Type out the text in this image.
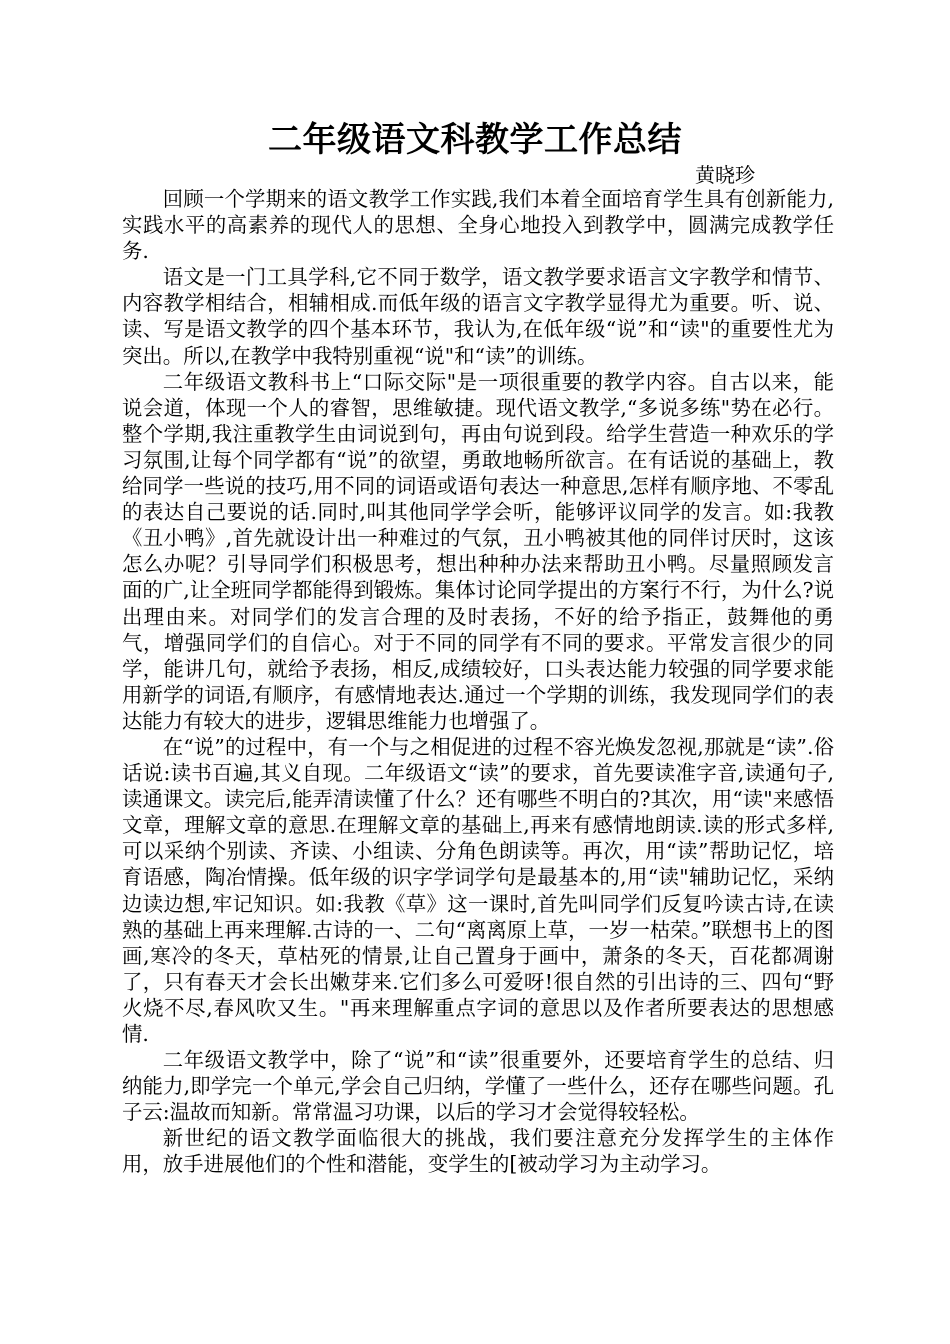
二年级语文科教学工作总结

黄晓珍

回顾一个学期来的语文教学工作实践,我们本着全面培育学生具有创新能力,实践水平的高素养的现代人的思想、全身心地投入到教学中，圆满完成教学任务.

语文是一门工具学科,它不同于数学，语文教学要求语言文字教学和情节、内容教学相结合，相辅相成.而低年级的语言文字教学显得尤为重要。听、说、读、写是语文教学的四个基本环节，我认为,在低年级“说”和“读"的重要性尤为突出。所以,在教学中我特别重视“说"和“读”的训练。

二年级语文教科书上“口际交际"是一项很重要的教学内容。自古以来，能说会道，体现一个人的睿智，思维敏捷。现代语文教学,“多说多练"势在必行。整个学期,我注重教学生由词说到句，再由句说到段。给学生营造一种欢乐的学习氛围,让每个同学都有“说”的欲望，勇敢地畅所欲言。在有话说的基础上，教给同学一些说的技巧,用不同的词语或语句表达一种意思,怎样有顺序地、不零乱的表达自己要说的话.同时,叫其他同学学会听，能够评议同学的发言。如:我教《丑小鸭》,首先就设计出一种难过的气氛，丑小鸭被其他的同伴讨厌时，这该怎么办呢？引导同学们积极思考，想出种种办法来帮助丑小鸭。尽量照顾发言面的广,让全班同学都能得到锻炼。集体讨论同学提出的方案行不行，为什么?说出理由来。对同学们的发言合理的及时表扬，不好的给予指正，鼓舞他的勇气，增强同学们的自信心。对于不同的同学有不同的要求。平常发言很少的同学，能讲几句，就给予表扬，相反,成绩较好，口头表达能力较强的同学要求能用新学的词语,有顺序，有感情地表达.通过一个学期的训练，我发现同学们的表达能力有较大的进步，逻辑思维能力也增强了。

在“说”的过程中，有一个与之相促进的过程不容光焕发忽视,那就是“读”.俗话说:读书百遍,其义自现。二年级语文“读”的要求，首先要读准字音,读通句子,读通课文。读完后,能弄清读懂了什么？还有哪些不明白的?其次，用“读"来感悟文章，理解文章的意思.在理解文章的基础上,再来有感情地朗读.读的形式多样,可以采纳个别读、齐读、小组读、分角色朗读等。再次，用“读”帮助记忆，培育语感，陶冶情操。低年级的识字学词学句是最基本的,用“读"辅助记忆，采纳边读边想,牢记知识。如:我教《草》这一课时,首先叫同学们反复吟读古诗,在读熟的基础上再来理解.古诗的一、二句“离离原上草，一岁一枯荣。”联想书上的图画,寒冷的冬天，草枯死的情景,让自己置身于画中，萧条的冬天，百花都凋谢了，只有春天才会长出嫩芽来.它们多么可爱呀!很自然的引出诗的三、四句“野火烧不尽,春风吹又生。"再来理解重点字词的意思以及作者所要表达的思想感情.

二年级语文教学中，除了“说”和“读”很重要外，还要培育学生的总结、归纳能力,即学完一个单元,学会自己归纳，学懂了一些什么，还存在哪些问题。孔子云:温故而知新。常常温习功课，以后的学习才会觉得较轻松。

新世纪的语文教学面临很大的挑战，我们要注意充分发挥学生的主体作用，放手进展他们的个性和潜能，变学生的[被动学习为主动学习。
